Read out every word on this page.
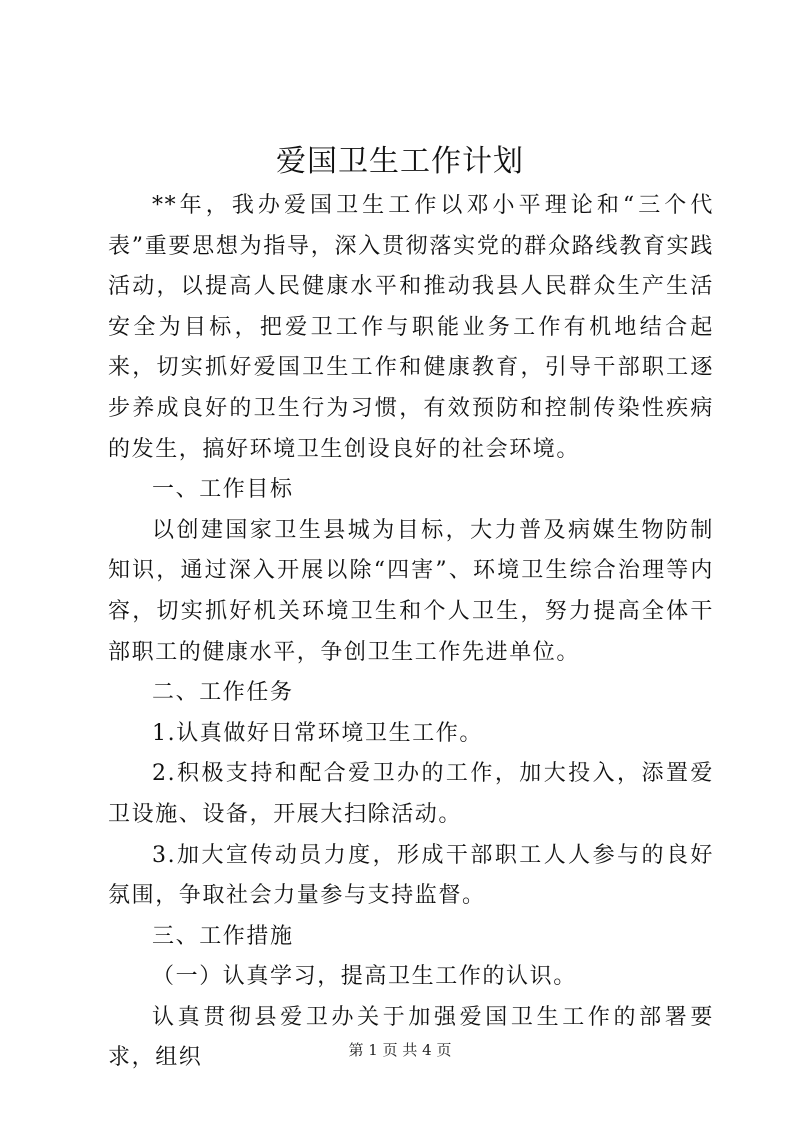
爱国卫生工作计划

**年，我办爱国卫生工作以邓小平理论和“三个代表”重要思想为指导，深入贯彻落实党的群众路线教育实践活动，以提高人民健康水平和推动我县人民群众生产生活安全为目标，把爱卫工作与职能业务工作有机地结合起来，切实抓好爱国卫生工作和健康教育，引导干部职工逐步养成良好的卫生行为习惯，有效预防和控制传染性疾病的发生，搞好环境卫生创设良好的社会环境。

一、工作目标

以创建国家卫生县城为目标，大力普及病媒生物防制知识，通过深入开展以除“四害”、环境卫生综合治理等内容，切实抓好机关环境卫生和个人卫生，努力提高全体干部职工的健康水平，争创卫生工作先进单位。

二、工作任务

1.认真做好日常环境卫生工作。

2.积极支持和配合爱卫办的工作，加大投入，添置爱卫设施、设备，开展大扫除活动。

3.加大宣传动员力度，形成干部职工人人参与的良好氛围，争取社会力量参与支持监督。

三、工作措施

（一）认真学习，提高卫生工作的认识。

认真贯彻县爱卫办关于加强爱国卫生工作的部署要求，组织	第 1 页 共 4 页
